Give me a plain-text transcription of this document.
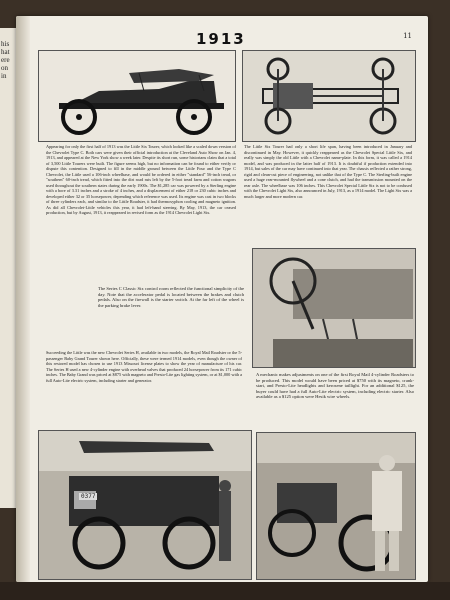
his
hat
ere
on
in
1913	11
Appearing for only the first half of 1913 was the Little Six Tourer, which looked like a scaled down version of the Chevrolet Type C. Both cars were given their official introduction at the Cleveland Auto Show on Jan. 4, 1913, and appeared at the New York show a week later. Despite its short run, some historians claim that a total of 3,500 Little Tourers were built. The figure seems high, but no information can be found to either verify or dispute this contention. Designed to fill in the middle ground between the Little Four and the Type C Chevrolet, the Little used a 106-inch wheelbase, and would be ordered in either "standard" 56-inch tread, or "southern" 60-inch tread, which fitted into the dirt road ruts left by the 5-foot tread farm and cotton wagons used throughout the southern states during the early 1900s. The $1,285 car was powered by a Sterling engine with a bore of 3.31 inches and a stroke of 4 inches, and a displacement of either 218 or 230 cubic inches and developed either 32 or 35 horsepower, depending which reference was used. Its engine was cast in two blocks of three cylinders each, and similar to the Little Roadster, it had thermosyphon cooling and magneto ignition. As did all Chevrolet-Little vehicles this year, it had left-hand steering. By May, 1913, the car ceased production, but by August, 1913, it reappeared in revised form as the 1914 Chevrolet Light Six.
The Little Six Tourer had only a short life span, having been introduced in January and discontinued in May. However, it quickly reappeared as the Chevrolet Special Little Six, and really was simply the old Little with a Chevrolet name-plate. In this form, it was called a 1914 model, and was produced in the latter half of 1913. It is doubtful if production extended into 1914, but sales of the car may have continued into that year. The chassis reflected a rather strong, rigid and clean-cut piece of engineering, not unlike that of the Type C. The Sterling-built engine used a huge rear-mounted flywheel and a cone clutch, and had the transmission mounted on the rear axle. The wheelbase was 106 inches. This Chevrolet Special Little Six is not to be confused with the Chevrolet Light Six, also announced in July, 1913, as a 1914 model. The Light Six was a much larger and more modern car.
The Series C Classic Six control room reflected the functional simplicity of the day. Note that the accelerator pedal is located between the brakes and clutch pedals. Also on the firewall is the starter switch. At the far left of the wheel is the parking brake lever.
Succeeding the Little was the new Chevrolet Series H, available in two models, the Royal Mail Roadster or the 5-passenger Baby Grand Tourer shown here. Officially, these were termed 1914 models, even though the owner of this restored model has chosen to use 1913 Missouri license plates to show the year of manufacture of his car. The Series H used a new 4-cylinder engine with overhead valves that produced 24 horsepower from its 171 cubic inches. The Baby Grand was priced at $875 with magneto and Presto-Lite gas lighting system, or at $1,000 with a full Auto-Lite electric system, including starter and generator.
A mechanic makes adjustments on one of the first Royal Mail 4-cylinder Roadsters to be produced. This model would have been priced at $750 with its magneto, crank-start, and Presto-Lite headlights and kerosene taillight. For an additional $125, the buyer could have had a full Auto-Lite electric system, including electric starter. Also available as a $125 option were Hesik wire wheels.
0377
